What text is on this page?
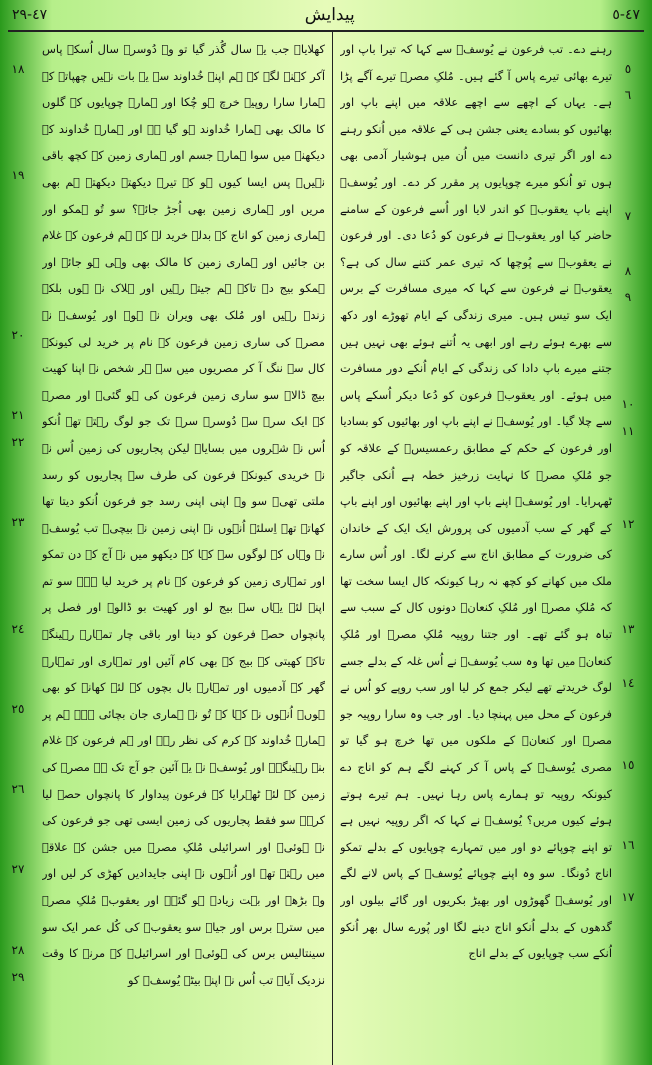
٤٧-٢٩	پیدایش	٤٧-٥

رہنے دے۔ تب فرعون نے یُوسفؔ سے کہا کہ تیرا باپ اور تیرے بھائی تیرے پاس آ گئے ہیں۔ مُلکِ مصرؔ تیرے آگے پڑا ہے۔ یہاں کے اچھے سے اچھے علاقہ میں اپنے باپ اور بھائیوں کو بسادے یعنی جشن ہی کے علاقہ میں اُنکو رہنے دے اور اگر تیری دانست میں اُن میں ہوشیار آدمی بھی ہوں تو اُنکو میرے چوپایوں پر مقرر کر دے۔ اور یُوسفؔ اپنے باپ یعقوبؔ کو اندر لایا اور اُسے فرعون کے سامنے حاضر کیا اور یعقوبؔ نے فرعون کو دُعا دی۔ اور فرعون نے یعقوبؔ سے پُوچھا کہ تیری عمر کتنے سال کی ہے؟ یعقوبؔ نے فرعون سے کہا کہ میری مسافرت کے برس ایک سو تیس ہیں۔ میری زندگی کے ایام تھوڑے اور دکھ سے بھرے ہوئے رہے اور ابھی یہ اُتنے ہوئے بھی نہیں ہیں جتنے میرے باپ دادا کی زندگی کے ایام اُنکے دور مسافرت میں ہوئے۔ اور یعقوبؔ فرعون کو دُعا دیکر اُسکے پاس سے چلا گیا۔ اور یُوسفؔ نے اپنے باپ اور بھائیوں کو بسادیا اور فرعون کے حکم کے مطابق رعمسیسؔ کے علاقہ کو جو مُلکِ مصرؔ کا نہایت زرخیز خطہ ہے اُنکی جاگیر ٹھہرایا۔ اور یُوسفؔ اپنے باپ اور اپنے بھائیوں اور اپنے باپ کے گھر کے سب آدمیوں کی پرورش ایک ایک کے خاندان کی ضرورت کے مطابق اناج سے کرنے لگا۔ اور اُس سارے ملک میں کھانے کو کچھ نہ رہا کیونکہ کال ایسا سخت تھا کہ مُلکِ مصرؔ اور مُلکِ کنعانؔ دونوں کال کے سبب سے تباہ ہو گئے تھے۔ اور جتنا روپیہ مُلکِ مصرؔ اور مُلکِ کنعانؔ میں تھا وہ سب یُوسفؔ نے اُس غلہ کے بدلے جسے لوگ خریدتے تھے لیکر جمع کر لیا اور سب روپے کو اُس نے فرعون کے محل میں پہنچا دیا۔ اور جب وہ سارا روپیہ جو مصرؔ اور کنعانؔ کے ملکوں میں تھا خرچ ہو گیا تو مصری یُوسفؔ کے پاس آ کر کہنے لگے ہم کو اناج دے کیونکہ روپیہ تو ہمارے پاس رہا نہیں۔ ہم تیرے ہوتے ہوئے کیوں مریں؟ یُوسفؔ نے کہا کہ اگر روپیہ نہیں ہے تو اپنے چوپائے دو اور میں تمہارے چوپایوں کے بدلے تمکو اناج دُونگا۔ سو وہ اپنے چوپائے یُوسفؔ کے پاس لانے لگے اور یُوسفؔ گھوڑوں اور بھیڑ بکریوں اور گائے بیلوں اور گدھوں کے بدلے اُنکو اناج دینے لگا اور پُورے سال بھر اُنکو اُنکے سب چوپایوں کے بدلے اناج

کھلایا۔ جب یہ سال گُذر گیا تو وہ دُوسرے سال اُسکے پاس آکر کہنے لگے کہ ہم اپنے خُداوند سے یہ بات نہیں چھپاتے کہ ہمارا سارا روپیہ خرچ ہو چُکا اور ہمارے چوپایوں کے گلوں کا مالک بھی ہمارا خُداوند ہو گیا ہے اور ہمارے خُداوند کے دیکھنے میں سوا ہمارے جسم اور ہماری زمین کے کچھ باقی نہیں۔ پس ایسا کیوں ہو کہ تیرے دیکھتے دیکھتے ہم بھی مریں اور ہماری زمین بھی اُجڑ جائے؟ سو تُو ہمکو اور ہماری زمین کو اناج کے بدلے خرید لے کہ ہم فرعون کے غلام بن جائیں اور ہماری زمین کا مالک بھی وہی ہو جائے اور ہمکو بیج دے تاکہ ہم جیتے رہیں اور ہلاک نہ ہوں بلکہ زندہ رہیں اور مُلک بھی ویران نہ ہو۔ اور یُوسفؔ نے مصرؔ کی ساری زمین فرعون کے نام پر خرید لی کیونکہ کال سے ننگ آ کر مصریوں میں سے ہر شخص نے اپنا کھیت بیچ ڈالا۔ سو ساری زمین فرعون کی ہو گئی۔ اور مصرؔ کے ایک سرے سے دُوسرے سرے تک جو لوگ رہتے تھے اُنکو اُس نے شہروں میں بسایا۔ لیکن پجاریوں کی زمین اُس نے نہ خریدی کیونکہ فرعون کی طرف سے پجاریوں کو رسد ملتی تھی۔ سو وہ اپنی اپنی رسد جو فرعون اُنکو دیتا تھا کھاتے تھے اِسلئے اُنہوں نے اپنی زمین نہ بیچی۔ تب یُوسفؔ نے وہاں کے لوگوں سے کہا کہ دیکھو میں نے آج کے دن تمکو اور تمہاری زمین کو فرعون کے نام پر خرید لیا ہے۔ سو تم اپنے لئے یہاں سے بیج لو اور کھیت بو ڈالو۔ اور فصل پر پانچواں حصہ فرعون کو دینا اور باقی چار تمہارے رہینگے تاکہ کھیتی کے بیج کے بھی کام آئیں اور تمہاری اور تمہارے گھر کے آدمیوں اور تمہارے بال بچوں کے لئے کھانے کو بھی ہوں۔ اُنہوں نے کہا کہ تُو نے ہماری جان بچائی ہے۔ ہم پر ہمارے خُداوند کے کرم کی نظر رہے اور ہم فرعون کے غلام بنے رہینگے۔ اور یُوسفؔ نے یہ آئین جو آج تک ہے مصرؔ کی زمین کے لئے ٹھہرایا کہ فرعون پیداوار کا پانچواں حصہ لیا کرے۔ سو فقط پجاریوں کی زمین ایسی تھی جو فرعون کی نہ ہوئی۔ اور اسرائیلی مُلکِ مصرؔ میں جشن کے علاقہ میں رہتے تھے اور اُنہوں نے اپنی جایدادیں کھڑی کر لیں اور وہ بڑھے اور بہت زیادہ ہو گئے۔ اور یعقوبؔ مُلکِ مصرؔ میں سترہ برس اور جیا۔ سو یعقوبؔ کی کُل عمر ایک سو سینتالیس برس کی ہوئی۔ اور اسرائیلؔ کے مرنے کا وقت نزدیک آیا۔ تب اُس نے اپنے بیٹے یُوسفؔ کو

٥
٦
٧
٨
٩
١٠
١١
١٢
١٣
١٤
١٥
١٦
١٧
١٨
١٩
٢٠
٢١
٢٢
٢٣
٢٤
٢٥
٢٦
٢٧
٢٨
٢٩
